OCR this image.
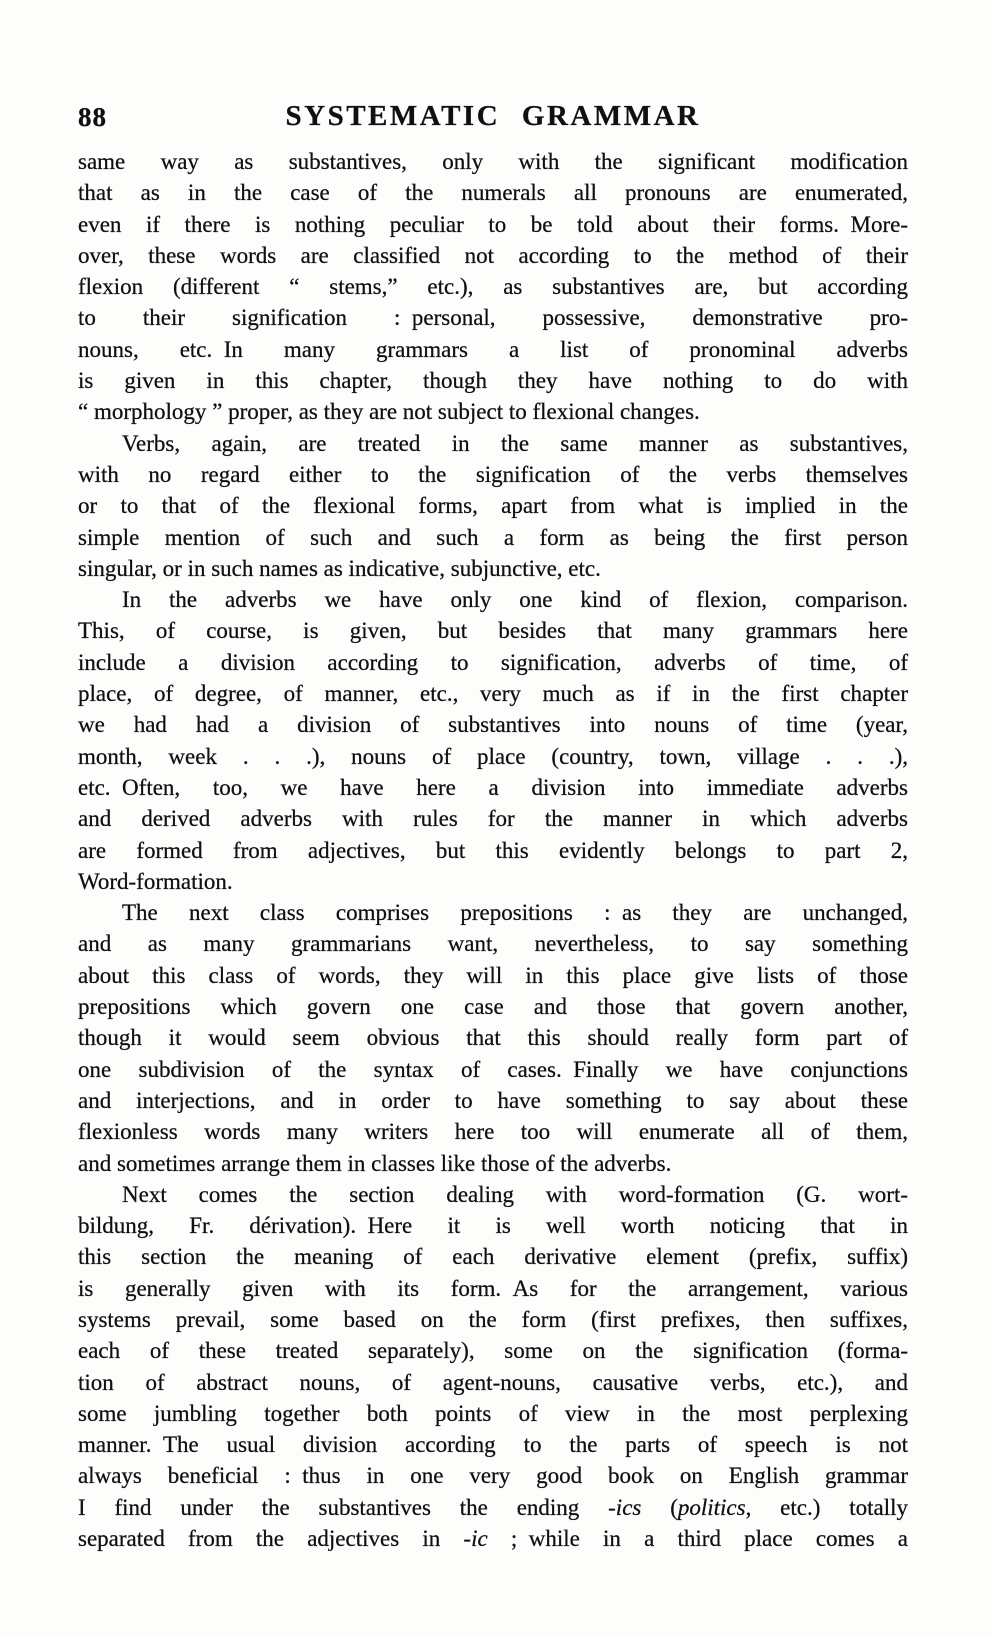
88	SYSTEMATIC GRAMMAR
same way as substantives, only with the significant modification
that as in the case of the numerals all pronouns are enumerated,
even if there is nothing peculiar to be told about their forms. More-
over, these words are classified not according to the method of their
flexion (different “ stems,” etc.), as substantives are, but according
to their signification : personal, possessive, demonstrative pro-
nouns, etc. In many grammars a list of pronominal adverbs
is given in this chapter, though they have nothing to do with
“ morphology ” proper, as they are not subject to flexional changes.
Verbs, again, are treated in the same manner as substantives,
with no regard either to the signification of the verbs themselves
or to that of the flexional forms, apart from what is implied in the
simple mention of such and such a form as being the first person
singular, or in such names as indicative, subjunctive, etc.
In the adverbs we have only one kind of flexion, comparison.
This, of course, is given, but besides that many grammars here
include a division according to signification, adverbs of time, of
place, of degree, of manner, etc., very much as if in the first chapter
we had had a division of substantives into nouns of time (year,
month, week . . .), nouns of place (country, town, village . . .),
etc. Often, too, we have here a division into immediate adverbs
and derived adverbs with rules for the manner in which adverbs
are formed from adjectives, but this evidently belongs to part 2,
Word-formation.
The next class comprises prepositions : as they are unchanged,
and as many grammarians want, nevertheless, to say something
about this class of words, they will in this place give lists of those
prepositions which govern one case and those that govern another,
though it would seem obvious that this should really form part of
one subdivision of the syntax of cases. Finally we have conjunctions
and interjections, and in order to have something to say about these
flexionless words many writers here too will enumerate all of them,
and sometimes arrange them in classes like those of the adverbs.
Next comes the section dealing with word-formation (G. wort-
bildung, Fr. dérivation). Here it is well worth noticing that in
this section the meaning of each derivative element (prefix, suffix)
is generally given with its form. As for the arrangement, various
systems prevail, some based on the form (first prefixes, then suffixes,
each of these treated separately), some on the signification (forma-
tion of abstract nouns, of agent-nouns, causative verbs, etc.), and
some jumbling together both points of view in the most perplexing
manner. The usual division according to the parts of speech is not
always beneficial : thus in one very good book on English grammar
I find under the substantives the ending -ics (politics, etc.) totally
separated from the adjectives in -ic ; while in a third place comes a
